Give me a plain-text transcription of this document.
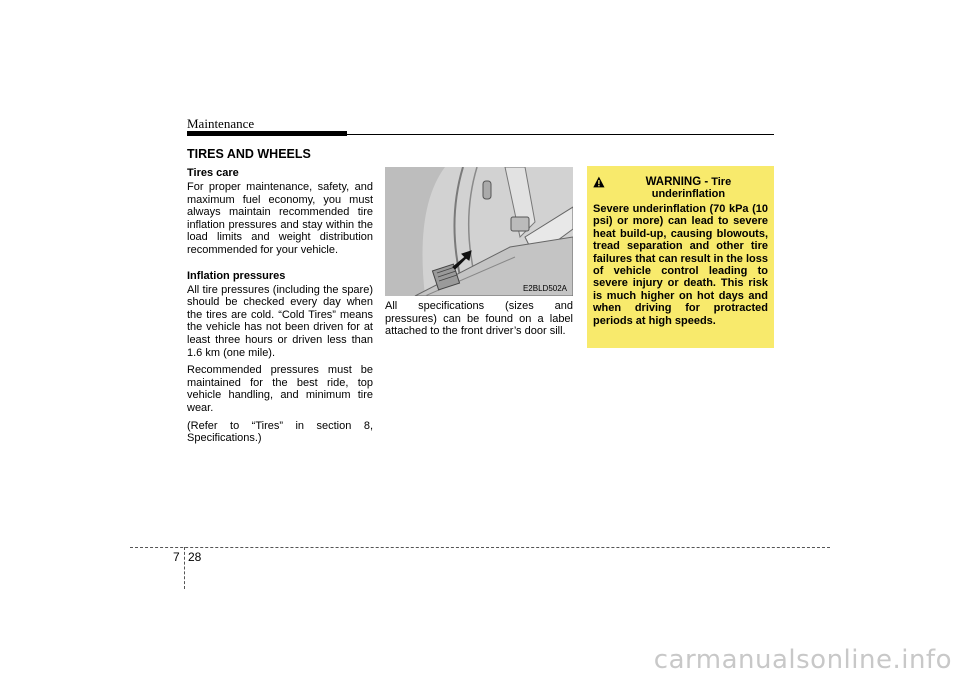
Maintenance
TIRES AND WHEELS
Tires care

For proper maintenance, safety, and maximum fuel economy, you must always maintain recommended tire inflation pressures and stay within the load limits and weight distribution recommended for your vehicle.

Inflation pressures

All tire pressures (including the spare) should be checked every day when the tires are cold. “Cold Tires” means the vehicle has not been driven for at least three hours or driven less than 1.6 km (one mile).

Recommended pressures must be maintained for the best ride, top vehicle handling, and minimum tire wear.

(Refer to “Tires” in section 8, Specifications.)

E2BLD502A
All specifications (sizes and pressures) can be found on a label attached to the front driver’s door sill.
WARNING - Tire underinflation
Severe underinflation (70 kPa (10 psi) or more) can lead to severe heat build-up, causing blowouts, tread separation and other tire failures that can result in the loss of vehicle control leading to severe injury or death. This risk is much higher on hot days and when driving for protracted periods at high speeds.
7 28
carmanualsonline.info
